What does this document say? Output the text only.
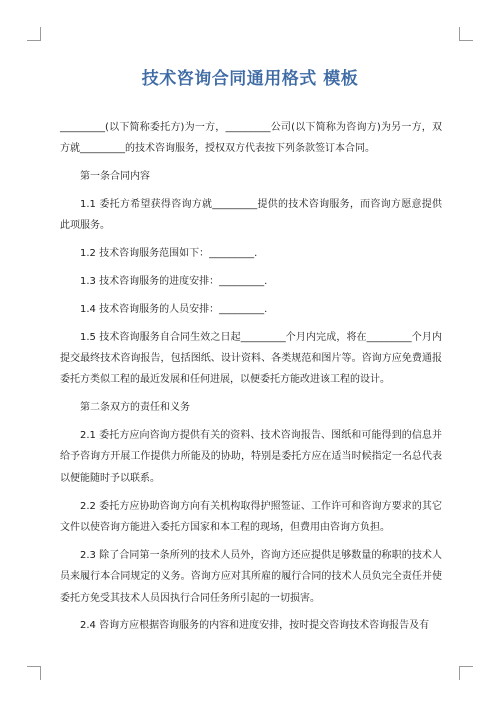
技术咨询合同通用格式 模板

_________(以下简称委托方)为一方，_________公司(以下简称为咨询方)为另一方，双方就_________的技术咨询服务，授权双方代表按下列条款签订本合同。

第一条合同内容

1.1 委托方希望获得咨询方就_________提供的技术咨询服务，而咨询方愿意提供此项服务。

1.2 技术咨询服务范围如下：_________.

1.3 技术咨询服务的进度安排：_________.

1.4 技术咨询服务的人员安排：_________.

1.5 技术咨询服务自合同生效之日起_________个月内完成，将在_________个月内提交最终技术咨询报告，包括图纸、设计资料、各类规范和图片等。咨询方应免费通报委托方类似工程的最近发展和任何进展，以便委托方能改进该工程的设计。

第二条双方的责任和义务

2.1 委托方应向咨询方提供有关的资料、技术咨询报告、图纸和可能得到的信息并给予咨询方开展工作提供力所能及的协助，特别是委托方应在适当时候指定一名总代表以便能随时予以联系。

2.2 委托方应协助咨询方向有关机构取得护照签证、工作许可和咨询方要求的其它文件以使咨询方能进入委托方国家和本工程的现场，但费用由咨询方负担。

2.3 除了合同第一条所列的技术人员外，咨询方还应提供足够数量的称职的技术人员来履行本合同规定的义务。咨询方应对其所雇的履行合同的技术人员负完全责任并使委托方免受其技术人员因执行合同任务所引起的一切损害。

2.4 咨询方应根据咨询服务的内容和进度安排，按时提交咨询技术咨询报告及有
